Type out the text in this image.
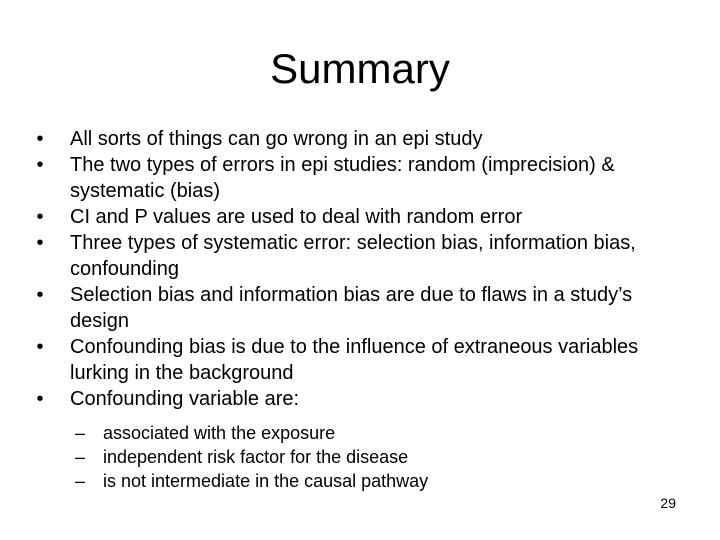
Summary
•	All sorts of things can go wrong in an epi study
•	The two types of errors in epi studies: random (imprecision) & systematic (bias)
•	CI and P values are used to deal with random error
•	Three types of systematic error: selection bias, information bias, confounding
•	Selection bias and information bias are due to flaws in a study’s design
•	Confounding bias is due to the influence of extraneous variables lurking in the background
•	Confounding variable are:
– associated with the exposure
– independent risk factor for the disease
– is not intermediate in the causal pathway
29
